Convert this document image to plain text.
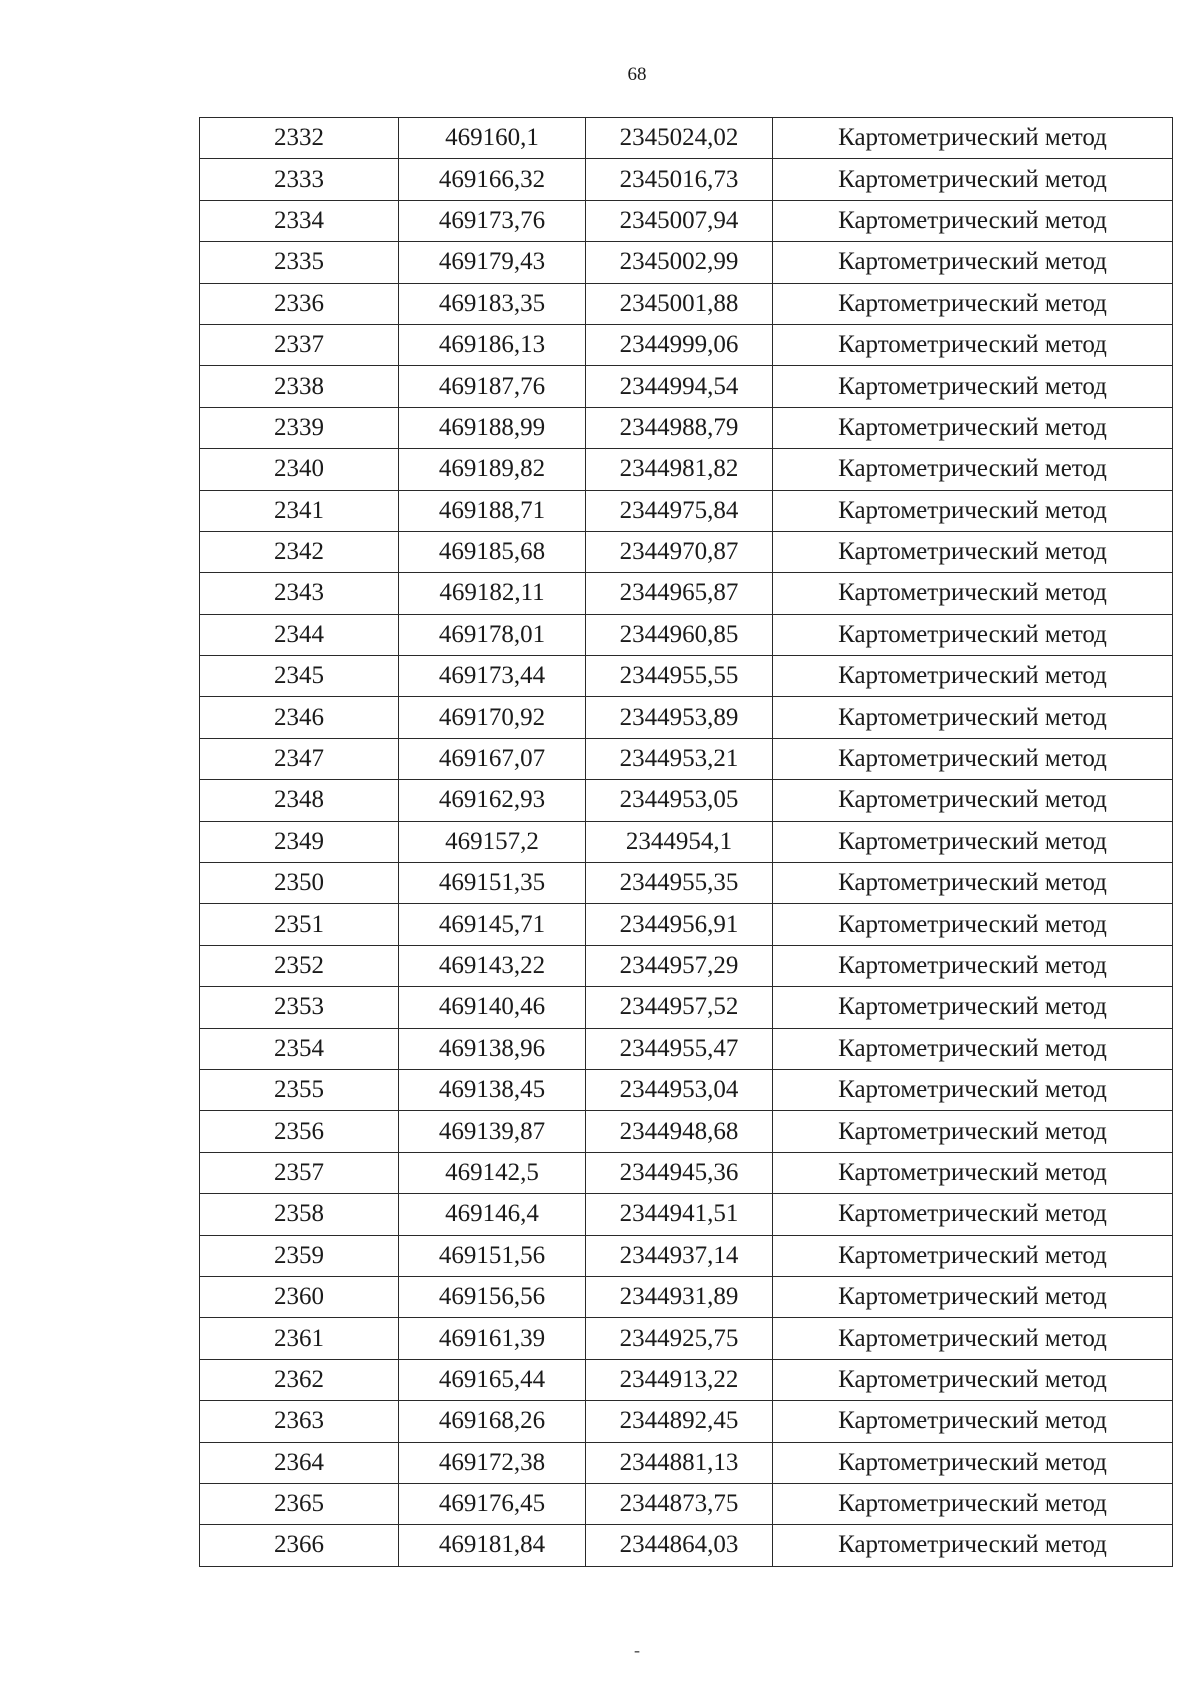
68
2332	469160,1	2345024,02	Картометрический метод
2333	469166,32	2345016,73	Картометрический метод
2334	469173,76	2345007,94	Картометрический метод
2335	469179,43	2345002,99	Картометрический метод
2336	469183,35	2345001,88	Картометрический метод
2337	469186,13	2344999,06	Картометрический метод
2338	469187,76	2344994,54	Картометрический метод
2339	469188,99	2344988,79	Картометрический метод
2340	469189,82	2344981,82	Картометрический метод
2341	469188,71	2344975,84	Картометрический метод
2342	469185,68	2344970,87	Картометрический метод
2343	469182,11	2344965,87	Картометрический метод
2344	469178,01	2344960,85	Картометрический метод
2345	469173,44	2344955,55	Картометрический метод
2346	469170,92	2344953,89	Картометрический метод
2347	469167,07	2344953,21	Картометрический метод
2348	469162,93	2344953,05	Картометрический метод
2349	469157,2	2344954,1	Картометрический метод
2350	469151,35	2344955,35	Картометрический метод
2351	469145,71	2344956,91	Картометрический метод
2352	469143,22	2344957,29	Картометрический метод
2353	469140,46	2344957,52	Картометрический метод
2354	469138,96	2344955,47	Картометрический метод
2355	469138,45	2344953,04	Картометрический метод
2356	469139,87	2344948,68	Картометрический метод
2357	469142,5	2344945,36	Картометрический метод
2358	469146,4	2344941,51	Картометрический метод
2359	469151,56	2344937,14	Картометрический метод
2360	469156,56	2344931,89	Картометрический метод
2361	469161,39	2344925,75	Картометрический метод
2362	469165,44	2344913,22	Картометрический метод
2363	469168,26	2344892,45	Картометрический метод
2364	469172,38	2344881,13	Картометрический метод
2365	469176,45	2344873,75	Картометрический метод
2366	469181,84	2344864,03	Картометрический метод
-
